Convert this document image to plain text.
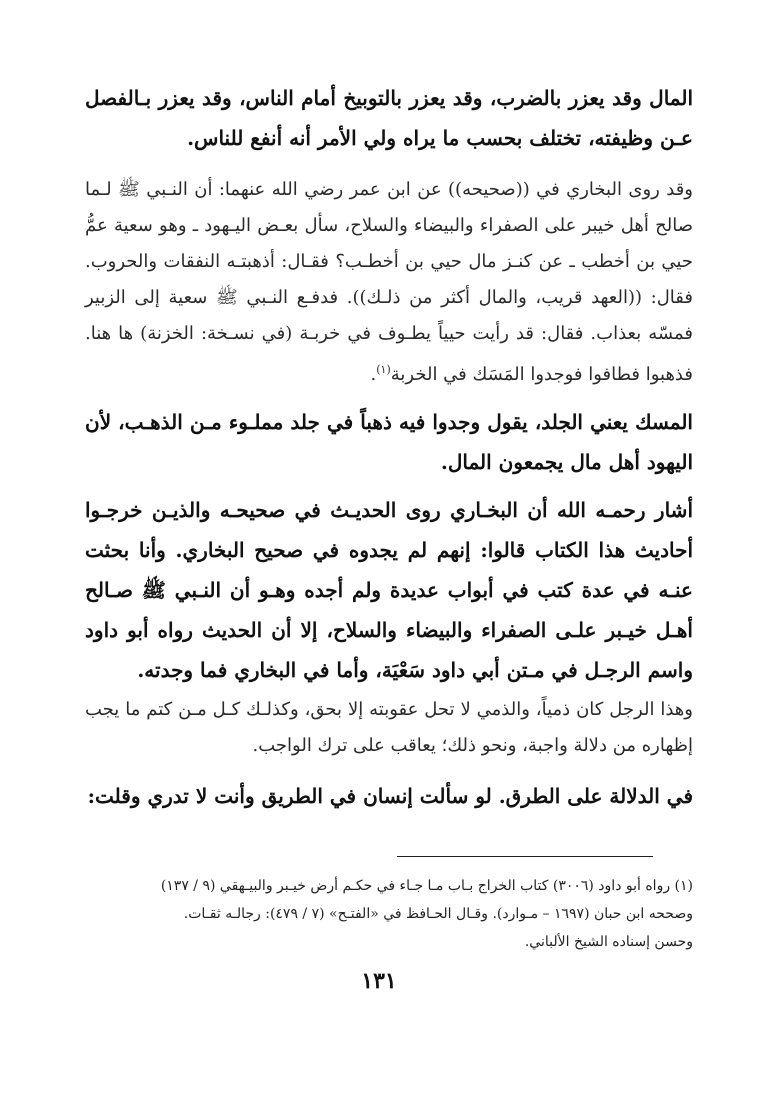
المال وقد يعزر بالضرب، وقد يعزر بالتوبيخ أمام الناس، وقد يعزر بـالفصل عـن وظيفته، تختلف بحسب ما يراه ولي الأمر أنه أنفع للناس.

وقد روى البخاري في ((صحيحه)) عن ابن عمر رضي الله عنهما: أن النـبي ﷺ لـما صالح أهل خيبر على الصفراء والبيضاء والسلاح، سأل بعـض اليـهود ـ وهو سعية عمُّ حيي بن أخطب ـ عن كنـز مال حيي بن أخطـب؟ فقـال: أذهبتـه النفقات والحروب. فقال: ((العهد قريب، والمال أكثر من ذلـك)). فدفـع النـبي ﷺ سعية إلى الزبير فمسّه بعذاب. فقال: قد رأيت حيياً يطـوف في خربـة (في نسـخة: الخزنة) ها هنا. فذهبوا فطافوا فوجدوا المَسَك في الخربة$^{(١)}$.

المسك يعني الجلد، يقول وجدوا فيه ذهباً في جلد مملـوء مـن الذهـب، لأن اليهود أهل مال يجمعون المال.

أشار رحمـه الله أن البخـاري روى الحديـث في صحيحـه والذيـن خرجـوا أحاديث هذا الكتاب قالوا: إنهم لم يجدوه في صحيح البخاري. وأنا بحثت عنـه في عدة كتب في أبواب عديدة ولم أجده وهـو أن النـبي ﷺ صـالح أهـل خيـبر علـى الصفراء والبيضاء والسلاح، إلا أن الحديث رواه أبو داود واسم الرجـل في مـتن أبي داود سَعْيَة، وأما في البخاري فما وجدته.

وهذا الرجل كان ذمياً، والذمي لا تحل عقوبته إلا بحق، وكذلـك كـل مـن كتم ما يجب إظهاره من دلالة واجبة، ونحو ذلك؛ يعاقب على ترك الواجب.

في الدلالة على الطرق. لو سألت إنسان في الطريق وأنت لا تدري وقلت:

(١) رواه أبو داود (٣٠٠٦) كتاب الخراج بـاب مـا جـاء في حكـم أرض خيـبر والبيـهقي (٩ / ١٣٧)

وصححه ابن حبان (١٦٩٧ – مـوارد). وقـال الحـافظ في «الفتـح» (٧ / ٤٧٩): رجالـه ثقـات.

وحسن إسناده الشيخ الألباني.

١٣١
